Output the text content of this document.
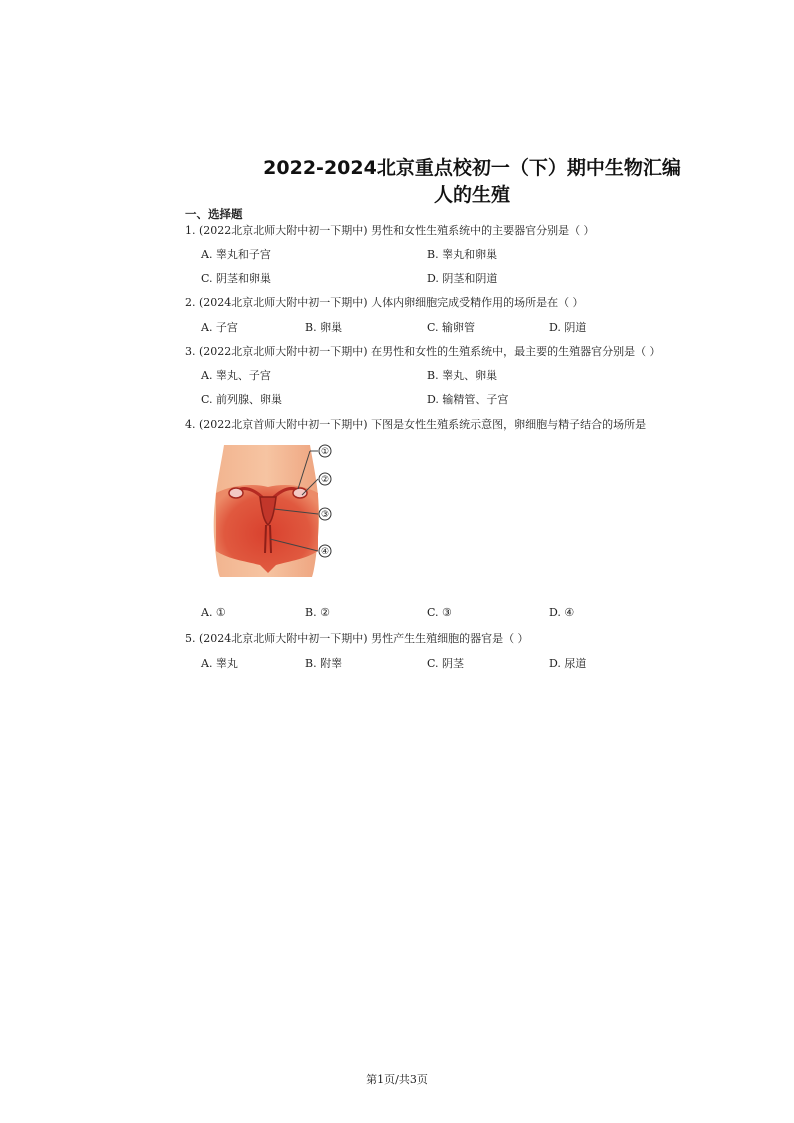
2022-2024北京重点校初一（下）期中生物汇编
人的生殖
一、选择题
1. (2022北京北师大附中初一下期中) 男性和女性生殖系统中的主要器官分别是（ ）
A. 睾丸和子宫	B. 睾丸和卵巢
C. 阴茎和卵巢	D. 阴茎和阴道
2. (2024北京北师大附中初一下期中) 人体内卵细胞完成受精作用的场所是在（ ）
A. 子宫	B. 卵巢	C. 输卵管	D. 阴道
3. (2022北京北师大附中初一下期中) 在男性和女性的生殖系统中，最主要的生殖器官分别是（ ）
A. 睾丸、子宫	B. 睾丸、卵巢
C. 前列腺、卵巢	D. 输精管、子宫
4. (2022北京首师大附中初一下期中) 下图是女性生殖系统示意图，卵细胞与精子结合的场所是
①
②
③
④
A. ①	B. ②	C. ③	D. ④
5. (2024北京北师大附中初一下期中) 男性产生生殖细胞的器官是（ ）
A. 睾丸	B. 附睾	C. 阴茎	D. 尿道
第1页/共3页
